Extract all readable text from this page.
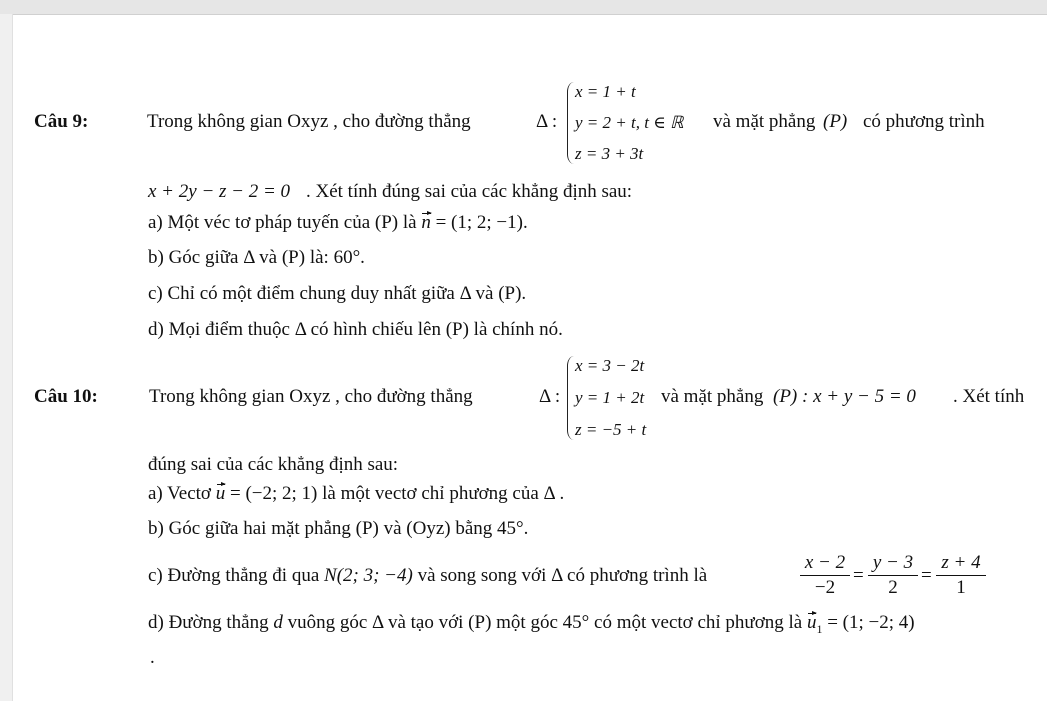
Câu 9:	Trong không gian Oxyz , cho đường thẳng	Δ :
x = 1 + t
y = 2 + t, t ∈ ℝ
z = 3 + 3t
và mặt phẳng (P) có phương trình
x + 2y − z − 2 = 0 . Xét tính đúng sai của các khẳng định sau:
a) Một véc tơ pháp tuyến của (P) là n = (1; 2; −1).
b) Góc giữa Δ và (P) là: 60°.
c) Chỉ có một điểm chung duy nhất giữa Δ và (P).
d) Mọi điểm thuộc Δ có hình chiếu lên (P) là chính nó.
Câu 10:	Trong không gian Oxyz , cho đường thẳng	Δ :
x = 3 − 2t
y = 1 + 2t
z = −5 + t
và mặt phẳng (P) : x + y − 5 = 0 . Xét tính
đúng sai của các khẳng định sau:
a) Vectơ u = (−2; 2; 1) là một vectơ chỉ phương của Δ .
b) Góc giữa hai mặt phẳng (P) và (Oyz) bằng 45°.
c) Đường thẳng đi qua N(2; 3; −4) và song song với Δ có phương trình là
x − 2
−2
=
y − 3
2
=
z + 4
1
d) Đường thẳng d vuông góc Δ và tạo với (P) một góc 45° có một vectơ chỉ phương là $u_1 = (1$; −2; 4)
.
